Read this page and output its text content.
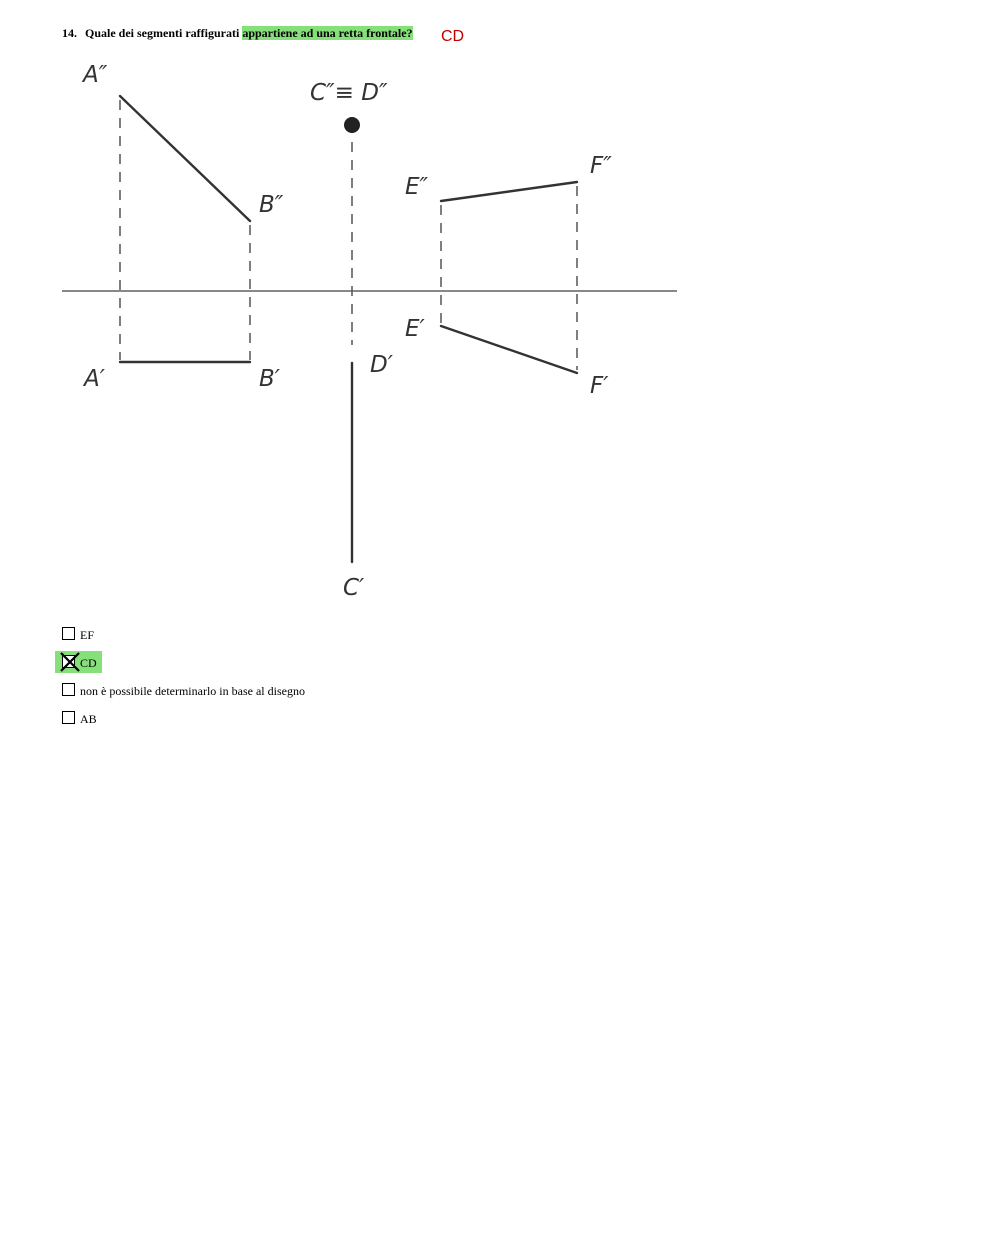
14. Quale dei segmenti raffigurati appartiene ad una retta frontale? CD
A″
B″
C″≡ D″
E″
F″
A′	B′
D′
E′
F′
C′
EF
CD
non è possibile determinarlo in base al disegno
AB
